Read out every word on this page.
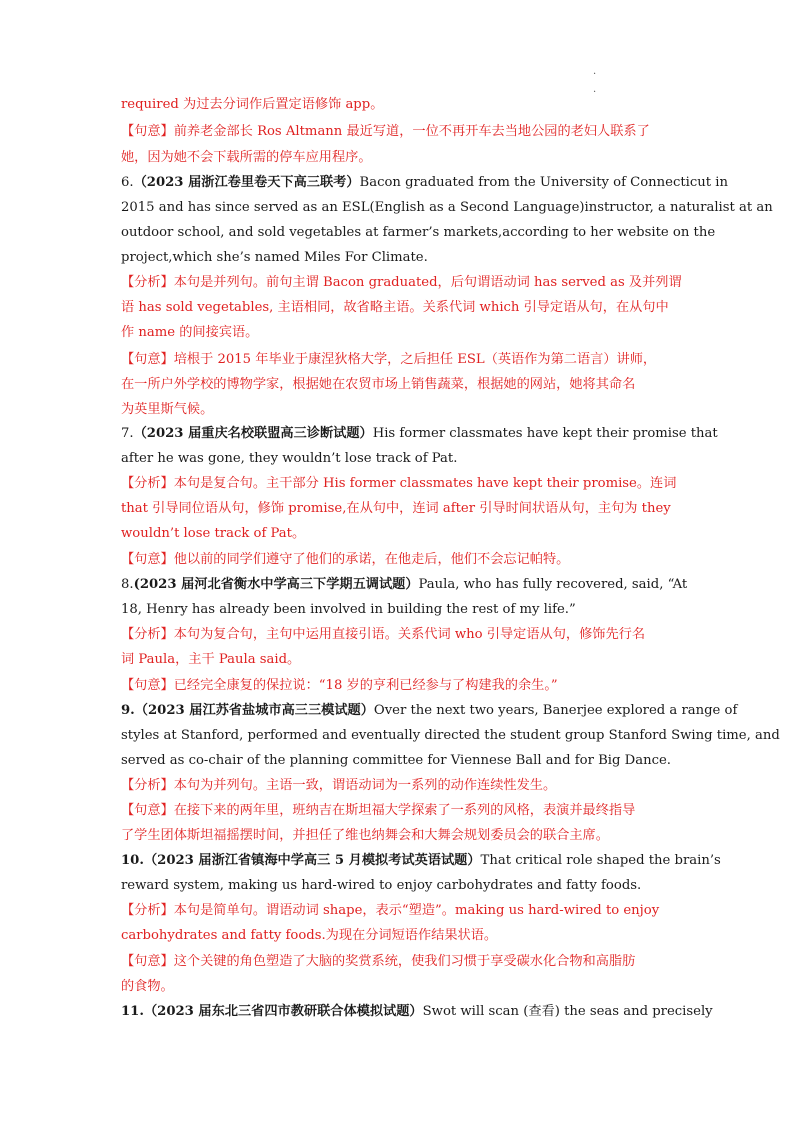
.
.
required 为过去分词作后置定语修饰 app。
【句意】前养老金部长 Ros Altmann 最近写道，一位不再开车去当地公园的老妇人联系了
她，因为她不会下载所需的停车应用程序。
6.（2023 届浙江卷里卷天下高三联考）Bacon graduated from the University of Connecticut in
2015 and has since served as an ESL(English as a Second Language)instructor, a naturalist at an
outdoor school, and sold vegetables at farmer’s markets,according to her website on the
project,which she’s named Miles For Climate.
【分析】本句是并列句。前句主谓 Bacon graduated，后句谓语动词 has served as 及并列谓
语 has sold vegetables, 主语相同，故省略主语。关系代词 which 引导定语从句，在从句中
作 name 的间接宾语。
【句意】培根于 2015 年毕业于康涅狄格大学，之后担任 ESL（英语作为第二语言）讲师，
在一所户外学校的博物学家，根据她在农贸市场上销售蔬菜，根据她的网站，她将其命名
为英里斯气候。
7.（2023 届重庆名校联盟高三诊断试题）His former classmates have kept their promise that
after he was gone, they wouldn’t lose track of Pat.
【分析】本句是复合句。主干部分 His former classmates have kept their promise。连词
that 引导同位语从句，修饰 promise,在从句中，连词 after 引导时间状语从句，主句为 they
wouldn’t lose track of Pat。
【句意】他以前的同学们遵守了他们的承诺，在他走后，他们不会忘记帕特。
8.(2023 届河北省衡水中学高三下学期五调试题）Paula, who has fully recovered, said, “At
18, Henry has already been involved in building the rest of my life.”
【分析】本句为复合句，主句中运用直接引语。关系代词 who 引导定语从句，修饰先行名
词 Paula，主干 Paula said。
【句意】已经完全康复的保拉说：“18 岁的亨利已经参与了构建我的余生。”
9.（2023 届江苏省盐城市高三三模试题）Over the next two years, Banerjee explored a range of
styles at Stanford, performed and eventually directed the student group Stanford Swing time, and
served as co-chair of the planning committee for Viennese Ball and for Big Dance.
【分析】本句为并列句。主语一致，谓语动词为一系列的动作连续性发生。
【句意】在接下来的两年里，班纳吉在斯坦福大学探索了一系列的风格，表演并最终指导
了学生团体斯坦福摇摆时间，并担任了维也纳舞会和大舞会规划委员会的联合主席。
10.（2023 届浙江省镇海中学高三 5 月模拟考试英语试题）That critical role shaped the brain’s
reward system, making us hard-wired to enjoy carbohydrates and fatty foods.
【分析】本句是简单句。谓语动词 shape，表示“塑造”。making us hard-wired to enjoy
carbohydrates and fatty foods.为现在分词短语作结果状语。
【句意】这个关键的角色塑造了大脑的奖赏系统，使我们习惯于享受碳水化合物和高脂肪
的食物。
11.（2023 届东北三省四市教研联合体模拟试题）Swot will scan (查看) the seas and precisely
